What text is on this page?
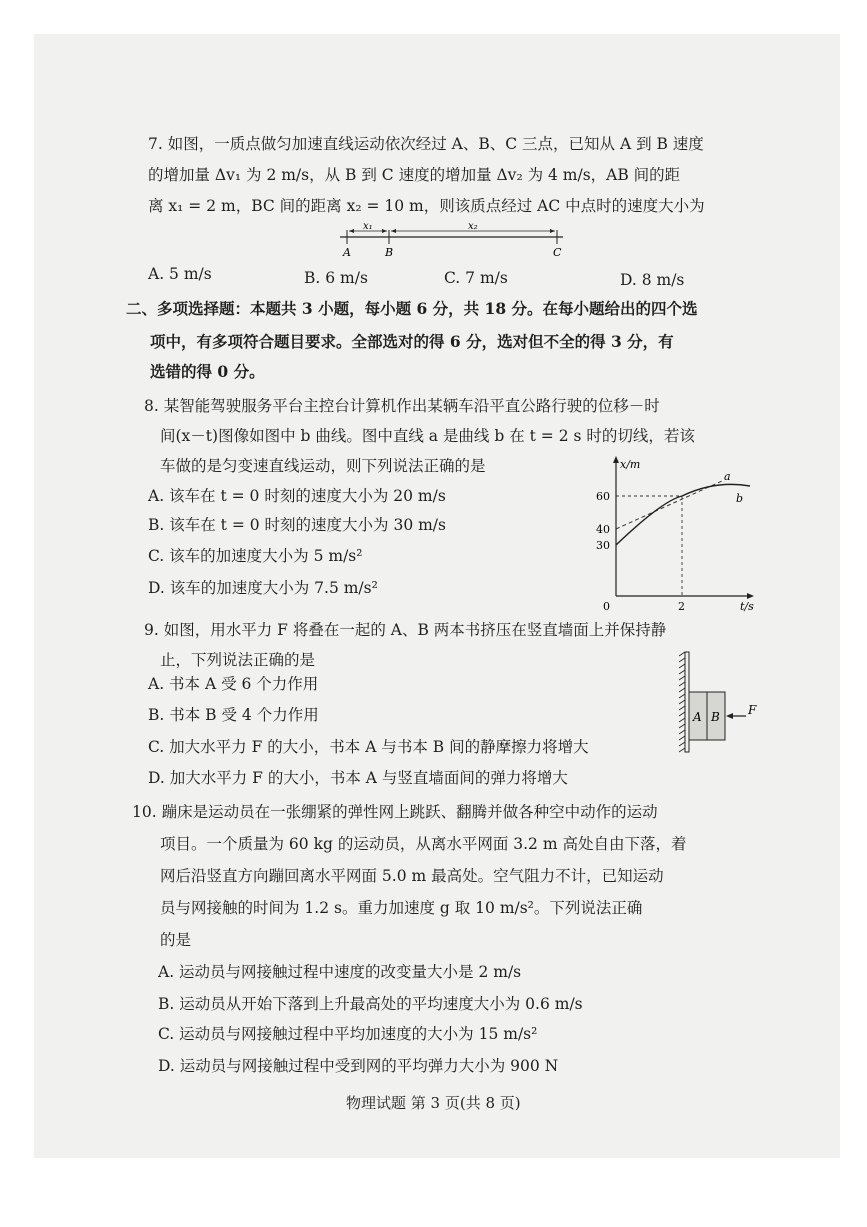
7. 如图，一质点做匀加速直线运动依次经过 A、B、C 三点，已知从 A 到 B 速度
的增加量 Δv₁ 为 2 m/s，从 B 到 C 速度的增加量 Δv₂ 为 4 m/s，AB 间的距
离 x₁ = 2 m，BC 间的距离 x₂ = 10 m，则该质点经过 AC 中点时的速度大小为
x₁	x₂
A	B	C
A. 5 m/s	B. 6 m/s	C. 7 m/s	D. 8 m/s
二、多项选择题：本题共 3 小题，每小题 6 分，共 18 分。在每小题给出的四个选
项中，有多项符合题目要求。全部选对的得 6 分，选对但不全的得 3 分，有
选错的得 0 分。
8. 某智能驾驶服务平台主控台计算机作出某辆车沿平直公路行驶的位移－时
间(x－t)图像如图中 b 曲线。图中直线 a 是曲线 b 在 t = 2 s 时的切线，若该
车做的是匀变速直线运动，则下列说法正确的是
A. 该车在 t = 0 时刻的速度大小为 20 m/s
B. 该车在 t = 0 时刻的速度大小为 30 m/s
C. 该车的加速度大小为 5 m/s²
D. 该车的加速度大小为 7.5 m/s²
x/m
t/s
0
60
40
30
2
a
b
9. 如图，用水平力 F 将叠在一起的 A、B 两本书挤压在竖直墙面上并保持静
止，下列说法正确的是
A. 书本 A 受 6 个力作用
B. 书本 B 受 4 个力作用
C. 加大水平力 F 的大小，书本 A 与书本 B 间的静摩擦力将增大
D. 加大水平力 F 的大小，书本 A 与竖直墙面间的弹力将增大
A B F
10. 蹦床是运动员在一张绷紧的弹性网上跳跃、翻腾并做各种空中动作的运动
项目。一个质量为 60 kg 的运动员，从离水平网面 3.2 m 高处自由下落，着
网后沿竖直方向蹦回离水平网面 5.0 m 最高处。空气阻力不计，已知运动
员与网接触的时间为 1.2 s。重力加速度 g 取 10 m/s²。下列说法正确
的是
A. 运动员与网接触过程中速度的改变量大小是 2 m/s
B. 运动员从开始下落到上升最高处的平均速度大小为 0.6 m/s
C. 运动员与网接触过程中平均加速度的大小为 15 m/s²
D. 运动员与网接触过程中受到网的平均弹力大小为 900 N
物理试题 第 3 页(共 8 页)
